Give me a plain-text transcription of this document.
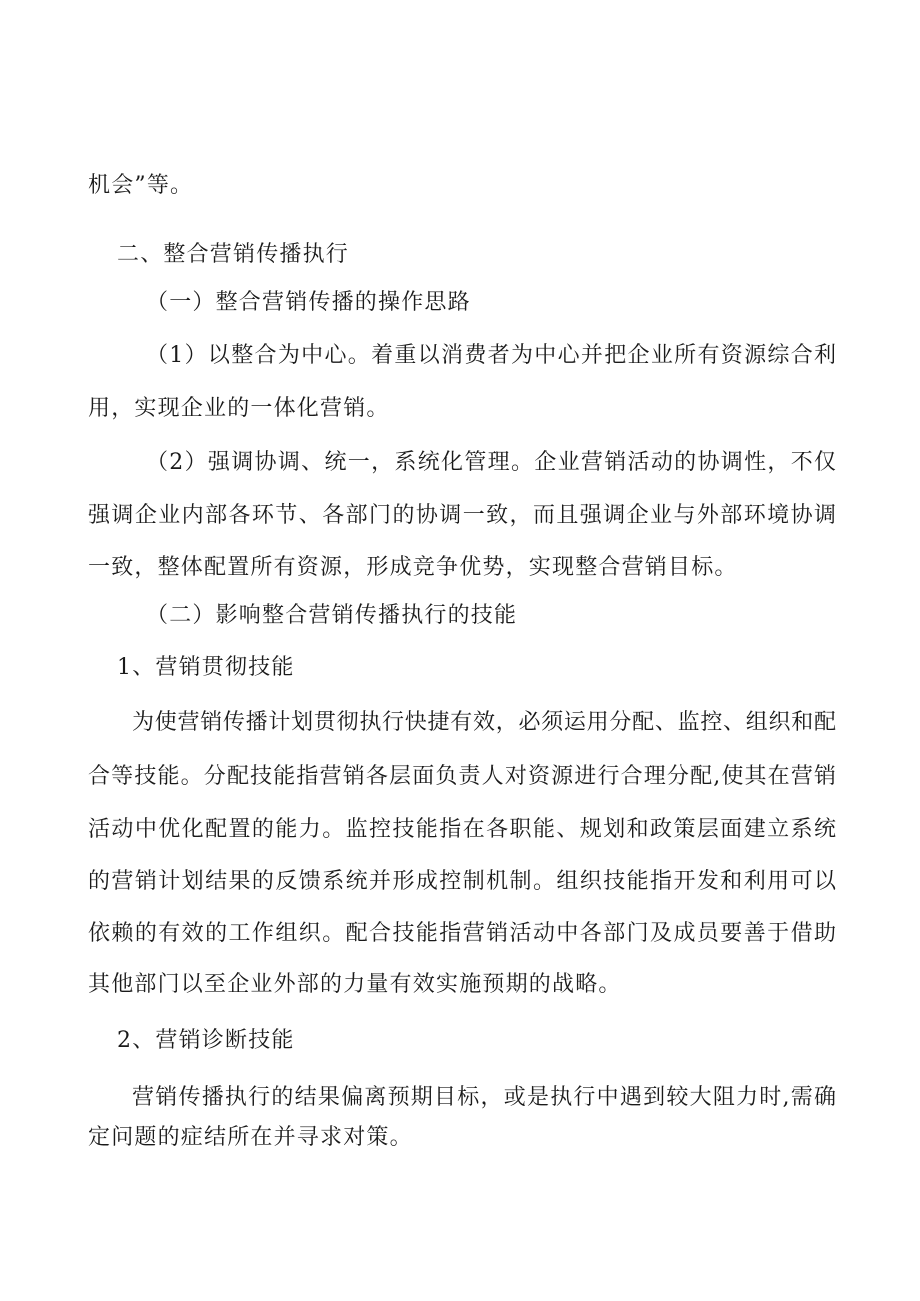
机会”等。
二、整合营销传播执行
（一）整合营销传播的操作思路
（1）以整合为中心。着重以消费者为中心并把企业所有资源综合利
用，实现企业的一体化营销。
（2）强调协调、统一，系统化管理。企业营销活动的协调性，不仅
强调企业内部各环节、各部门的协调一致，而且强调企业与外部环境协调
一致，整体配置所有资源，形成竞争优势，实现整合营销目标。
（二）影响整合营销传播执行的技能
1、营销贯彻技能
为使营销传播计划贯彻执行快捷有效，必须运用分配、监控、组织和配
合等技能。分配技能指营销各层面负责人对资源进行合理分配,使其在营销
活动中优化配置的能力。监控技能指在各职能、规划和政策层面建立系统
的营销计划结果的反馈系统并形成控制机制。组织技能指开发和利用可以
依赖的有效的工作组织。配合技能指营销活动中各部门及成员要善于借助
其他部门以至企业外部的力量有效实施预期的战略。
2、营销诊断技能
营销传播执行的结果偏离预期目标，或是执行中遇到较大阻力时,需确
定问题的症结所在并寻求对策。
